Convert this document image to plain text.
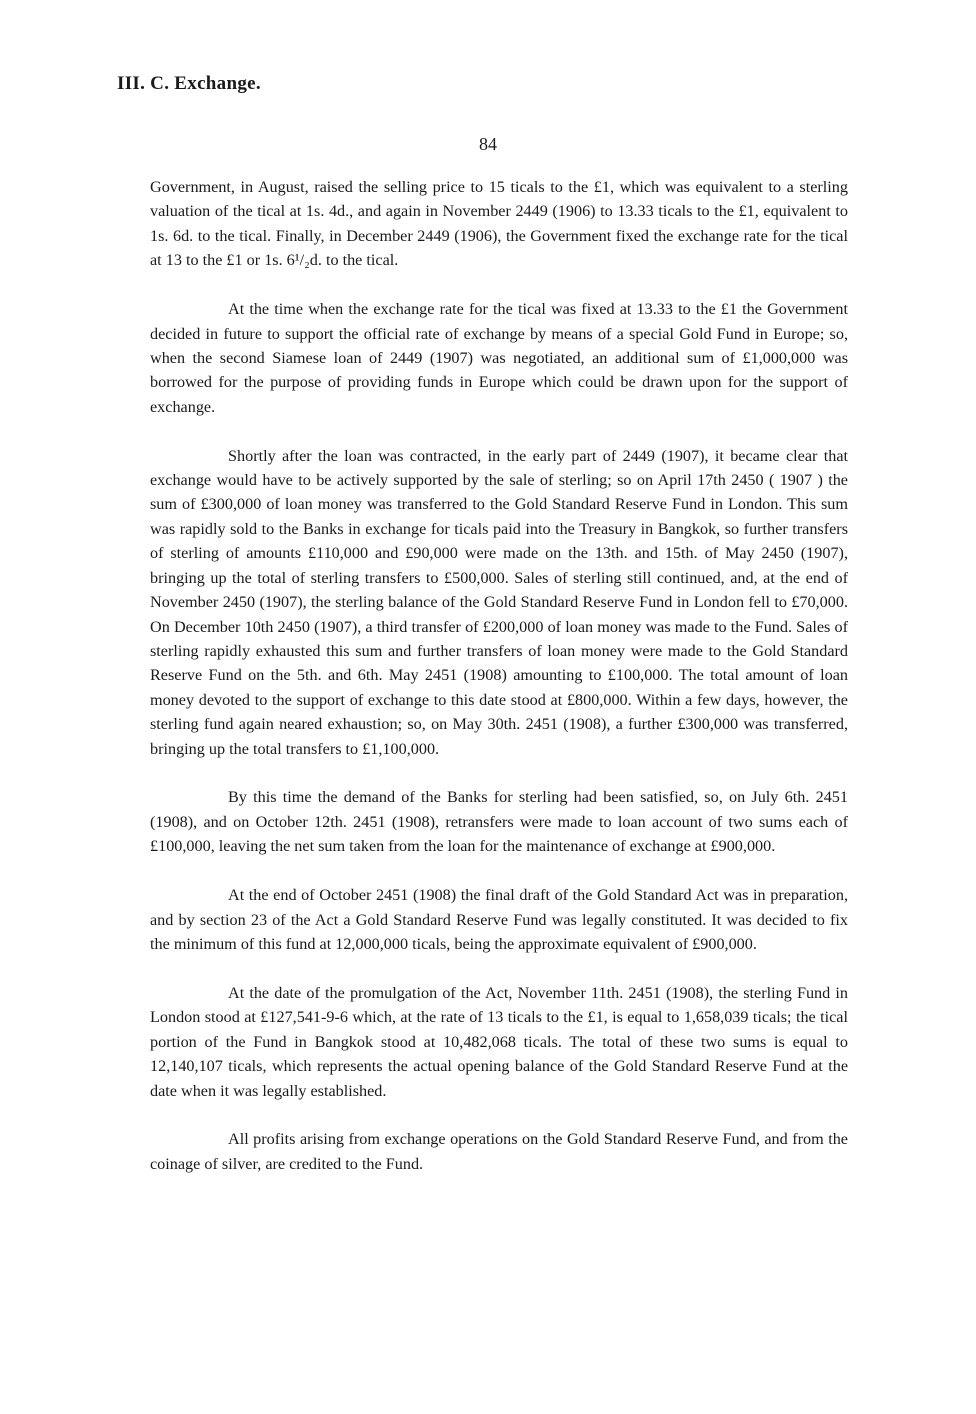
III. C. Exchange.
84

Government, in August, raised the selling price to 15 ticals to the £1, which was equivalent to a sterling valuation of the tical at 1s. 4d., and again in November 2449 (1906) to 13.33 ticals to the £1, equivalent to 1s. 6d. to the tical. Finally, in December 2449 (1906), the Government fixed the exchange rate for the tical at 13 to the £1 or 1s. 6¹/₂d. to the tical.

At the time when the exchange rate for the tical was fixed at 13.33 to the £1 the Government decided in future to support the official rate of exchange by means of a special Gold Fund in Europe; so, when the second Siamese loan of 2449 (1907) was negotiated, an additional sum of £1,000,000 was borrowed for the purpose of providing funds in Europe which could be drawn upon for the support of exchange.

Shortly after the loan was contracted, in the early part of 2449 (1907), it became clear that exchange would have to be actively supported by the sale of sterling; so on April 17th 2450 ( 1907 ) the sum of £300,000 of loan money was transferred to the Gold Standard Reserve Fund in London. This sum was rapidly sold to the Banks in exchange for ticals paid into the Treasury in Bangkok, so further transfers of sterling of amounts £110,000 and £90,000 were made on the 13th. and 15th. of May 2450 (1907), bringing up the total of sterling transfers to £500,000. Sales of sterling still continued, and, at the end of November 2450 (1907), the sterling balance of the Gold Standard Reserve Fund in London fell to £70,000. On December 10th 2450 (1907), a third transfer of £200,000 of loan money was made to the Fund. Sales of sterling rapidly exhausted this sum and further transfers of loan money were made to the Gold Standard Reserve Fund on the 5th. and 6th. May 2451 (1908) amounting to £100,000. The total amount of loan money devoted to the support of exchange to this date stood at £800,000. Within a few days, however, the sterling fund again neared exhaustion; so, on May 30th. 2451 (1908), a further £300,000 was transferred, bringing up the total transfers to £1,100,000.

By this time the demand of the Banks for sterling had been satisfied, so, on July 6th. 2451 (1908), and on October 12th. 2451 (1908), retransfers were made to loan account of two sums each of £100,000, leaving the net sum taken from the loan for the maintenance of exchange at £900,000.

At the end of October 2451 (1908) the final draft of the Gold Standard Act was in preparation, and by section 23 of the Act a Gold Standard Reserve Fund was legally constituted. It was decided to fix the minimum of this fund at 12,000,000 ticals, being the approximate equivalent of £900,000.

At the date of the promulgation of the Act, November 11th. 2451 (1908), the sterling Fund in London stood at £127,541-9-6 which, at the rate of 13 ticals to the £1, is equal to 1,658,039 ticals; the tical portion of the Fund in Bangkok stood at 10,482,068 ticals. The total of these two sums is equal to 12,140,107 ticals, which represents the actual opening balance of the Gold Standard Reserve Fund at the date when it was legally established.

All profits arising from exchange operations on the Gold Standard Reserve Fund, and from the coinage of silver, are credited to the Fund.
